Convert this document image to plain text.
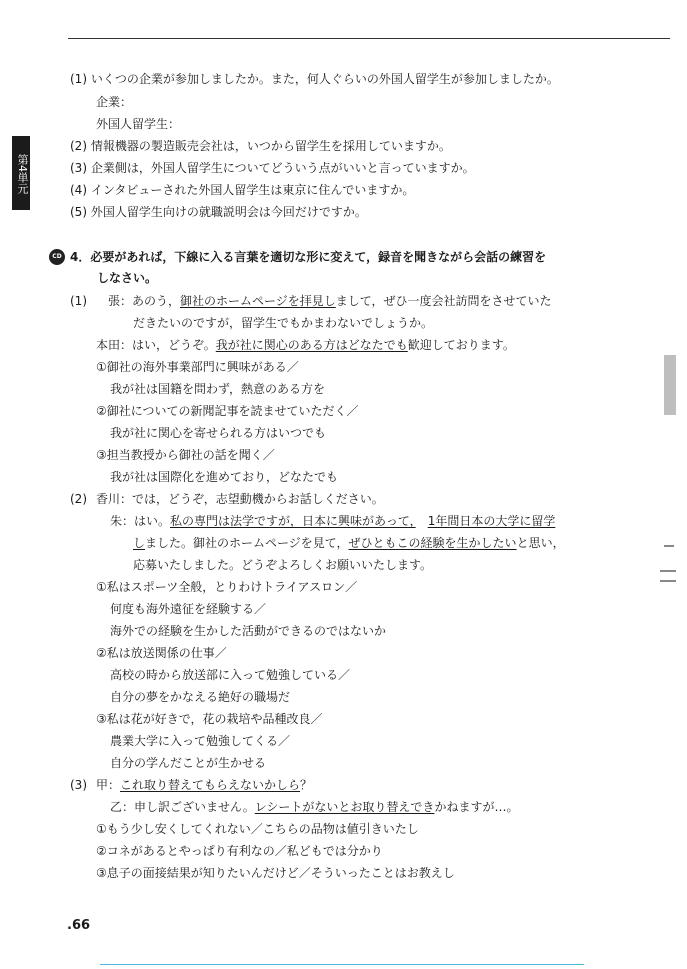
第4単元
(1) いくつの企業が参加しましたか。また，何人ぐらいの外国人留学生が参加しましたか。
企業：
外国人留学生：
(2) 情報機器の製造販売会社は，いつから留学生を採用していますか。
(3) 企業側は，外国人留学生についてどういう点がいいと言っていますか。
(4) インタビューされた外国人留学生は東京に住んでいますか。
(5) 外国人留学生向けの就職説明会は今回だけですか。
CD 4．必要があれば，下線に入る言葉を適切な形に変えて，録音を聞きながら会話の練習を
しなさい。
(1) 張：あのう，御社のホームページを拝見しまして，ぜひ一度会社訪問をさせていた
だきたいのですが，留学生でもかまわないでしょうか。
本田：はい，どうぞ。我が社に関心のある方はどなたでも歓迎しております。
①御社の海外事業部門に興味がある／
我が社は国籍を問わず，熱意のある方を
②御社についての新聞記事を読ませていただく／
我が社に関心を寄せられる方はいつでも
③担当教授から御社の話を聞く／
我が社は国際化を進めており，どなたでも
(2) 香川：では，どうぞ，志望動機からお話しください。
朱：はい。私の専門は法学ですが，日本に興味があって，　 1年間日本の大学に留学
しました。御社のホームページを見て，ぜひともこの経験を生かしたいと思い，
応募いたしました。どうぞよろしくお願いいたします。
①私はスポーツ全般，とりわけトライアスロン／
何度も海外遠征を経験する／
海外での経験を生かした活動ができるのではないか
②私は放送関係の仕事／
高校の時から放送部に入って勉強している／
自分の夢をかなえる絶好の職場だ
③私は花が好きで，花の栽培や品種改良／
農業大学に入って勉強してくる／
自分の学んだことが生かせる
(3) 甲：これ取り替えてもらえないかしら？
乙：申し訳ございません。レシートがないとお取り替えできかねますが…。
①もう少し安くしてくれない／こちらの品物は値引きいたし
②コネがあるとやっぱり有利なの／私どもでは分かり
③息子の面接結果が知りたいんだけど／そういったことはお教えし
.66
